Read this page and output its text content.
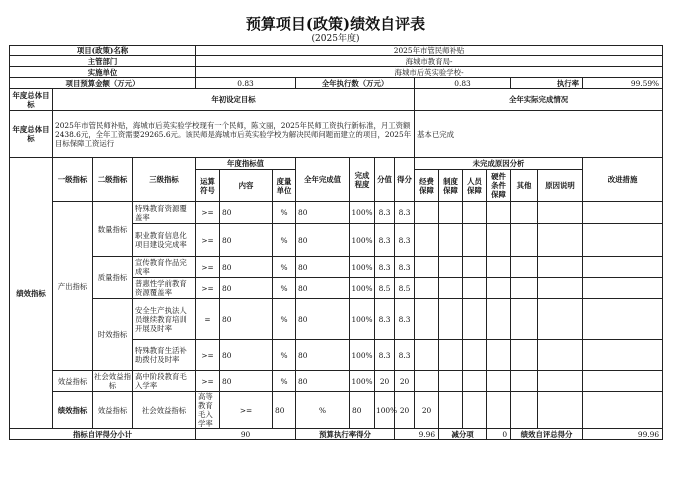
预算项目(政策)绩效自评表
(2025年度)
项目(政策)名称				2025年市管民师补贴														
主管部门				海城市教育局-														
实施单位				海城市后英实验学校-														
项目预算金额（万元）				0.83			全年执行数（万元）				0.83				执行率		99.59%	
年度总体目标	年初设定目标										全年实际完成情况							
年度总体目标	2025年市管民师补贴，海城市后英实验学校现有一个民师，陈文丽，2025年民师工资执行新标准，月工资额2438.6元，全年工资需要29265.6元。该民师是海城市后英实验学校为解决民师问题而建立的项目，2025年目标保障工资运行										基本已完成							
绩效指标	一级指标	二级指标	三级指标	年度指标值			全年完成值	完成程度	分值	得分	未完成原因分析						改进措施	
				运算符号	内容	度量单位					经费保障	制度保障	人员保障	硬件条件保障	其他	原因说明		
	产出指标	数量指标	特殊教育资源覆盖率	>=	80	%	80	100%	8.3	8.3								
			职业教育信息化项目建设完成率	>=	80	%	80	100%	8.3	8.3								
		质量指标	宣传教育作品完成率	>=	80	%	80	100%	8.3	8.3								
			普惠性学前教育资源覆盖率	>=	80	%	80	100%	8.5	8.5								
		时效指标	安全生产执法人员继续教育培训开展及时率	=	80	%	80	100%	8.3	8.3								
			特殊教育生活补助拨付及时率	>=	80	%	80	100%	8.3	8.3								
	效益指标	社会效益指标	高中阶段教育毛入学率	>=	80	%	80	100%	20	20								
	绩效指标	效益指标	社会效益指标	高等教育毛入学率	>=	80	%	80	100%	20	20							
指标自评得分小计				90			预算执行率得分			9.96		减分项		0	绩效自评总得分		99.96	
